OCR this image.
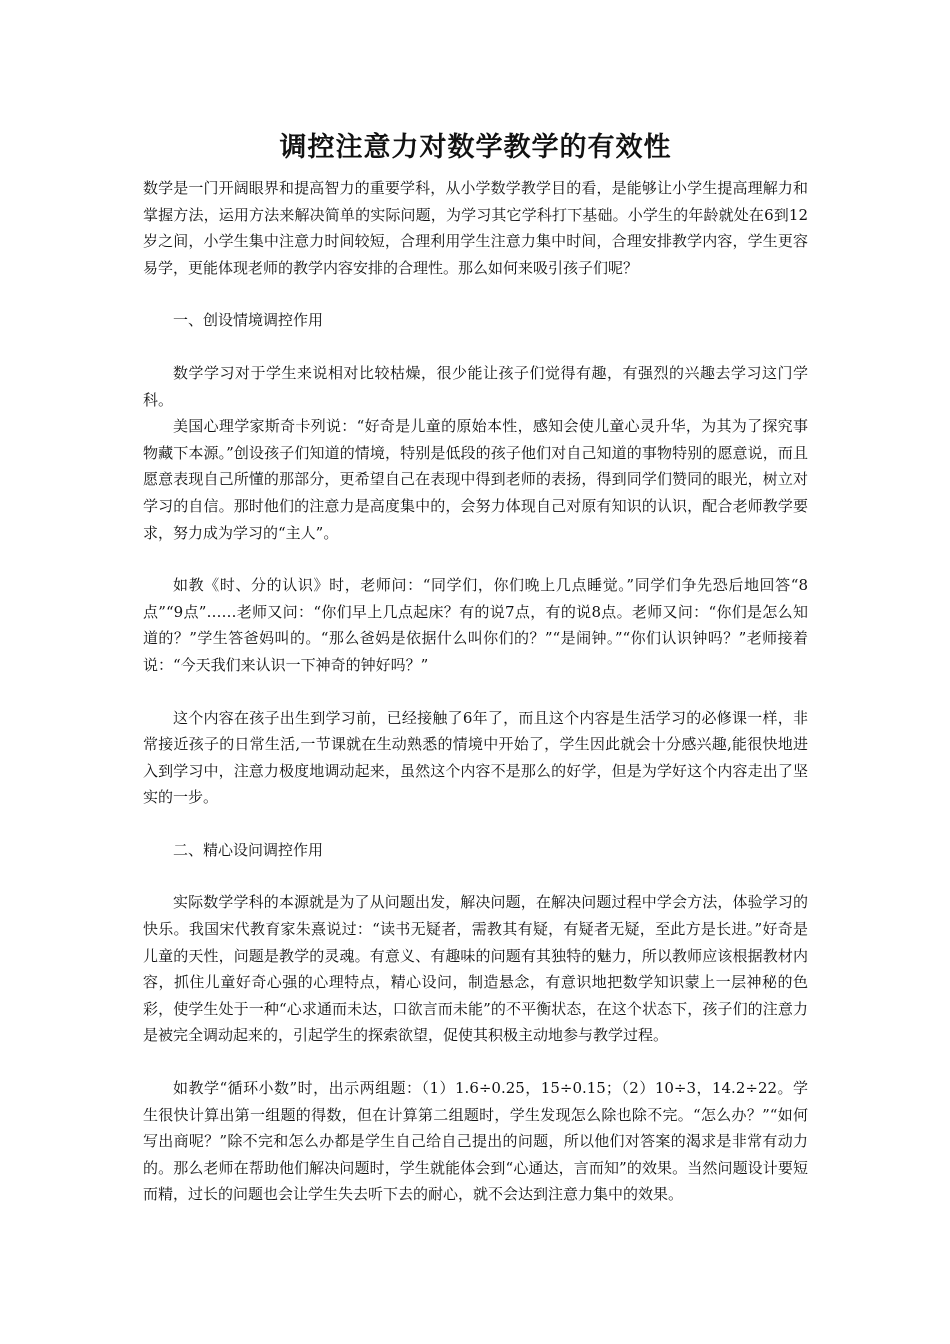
调控注意力对数学教学的有效性

数学是一门开阔眼界和提高智力的重要学科，从小学数学教学目的看，是能够让小学生提高理解力和掌握方法，运用方法来解决简单的实际问题，为学习其它学科打下基础。小学生的年龄就处在6到12岁之间，小学生集中注意力时间较短，合理利用学生注意力集中时间，合理安排教学内容，学生更容易学，更能体现老师的教学内容安排的合理性。那么如何来吸引孩子们呢？

一、创设情境调控作用

数学学习对于学生来说相对比较枯燥，很少能让孩子们觉得有趣，有强烈的兴趣去学习这门学科。

美国心理学家斯奇卡列说：“好奇是儿童的原始本性，感知会使儿童心灵升华，为其为了探究事物藏下本源。”创设孩子们知道的情境，特别是低段的孩子他们对自己知道的事物特别的愿意说，而且愿意表现自己所懂的那部分，更希望自己在表现中得到老师的表扬，得到同学们赞同的眼光，树立对学习的自信。那时他们的注意力是高度集中的，会努力体现自己对原有知识的认识，配合老师教学要求，努力成为学习的“主人”。

如教《时、分的认识》时，老师问：“同学们，你们晚上几点睡觉。”同学们争先恐后地回答“8点”“9点”……老师又问：“你们早上几点起床？有的说7点，有的说8点。老师又问：“你们是怎么知道的？”学生答爸妈叫的。“那么爸妈是依据什么叫你们的？”“是闹钟。”“你们认识钟吗？”老师接着说：“今天我们来认识一下神奇的钟好吗？”

这个内容在孩子出生到学习前，已经接触了6年了，而且这个内容是生活学习的必修课一样，非常接近孩子的日常生活,一节课就在生动熟悉的情境中开始了，学生因此就会十分感兴趣,能很快地进入到学习中，注意力极度地调动起来，虽然这个内容不是那么的好学，但是为学好这个内容走出了坚实的一步。

二、精心设问调控作用

实际数学学科的本源就是为了从问题出发，解决问题，在解决问题过程中学会方法，体验学习的快乐。我国宋代教育家朱熹说过：“读书无疑者，需教其有疑，有疑者无疑，至此方是长进。”好奇是儿童的天性，问题是教学的灵魂。有意义、有趣味的问题有其独特的魅力，所以教师应该根据教材内容，抓住儿童好奇心强的心理特点，精心设问，制造悬念，有意识地把数学知识蒙上一层神秘的色彩，使学生处于一种“心求通而未达，口欲言而未能”的不平衡状态，在这个状态下，孩子们的注意力是被完全调动起来的，引起学生的探索欲望，促使其积极主动地参与教学过程。

如教学“循环小数”时，出示两组题：（1）1.6÷0.25，15÷0.15；（2）10÷3，14.2÷22。学生很快计算出第一组题的得数，但在计算第二组题时，学生发现怎么除也除不完。“怎么办？”“如何写出商呢？”除不完和怎么办都是学生自己给自己提出的问题，所以他们对答案的渴求是非常有动力的。那么老师在帮助他们解决问题时，学生就能体会到“心通达，言而知”的效果。当然问题设计要短而精，过长的问题也会让学生失去听下去的耐心，就不会达到注意力集中的效果。
